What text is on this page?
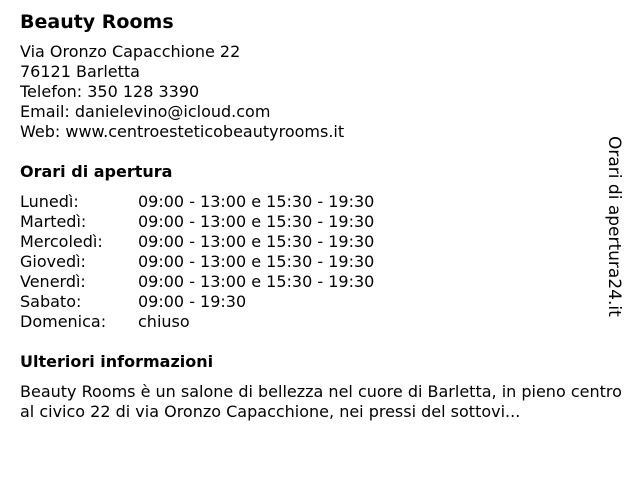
Beauty Rooms
Via Oronzo Capacchione 22
76121 Barletta
Telefon: 350 128 3390
Email: danielevino@icloud.com
Web: www.centroesteticobeautyrooms.it
Orari di apertura
Lunedì:	09:00 - 13:00 e 15:30 - 19:30
Martedì:	09:00 - 13:00 e 15:30 - 19:30
Mercoledì:	09:00 - 13:00 e 15:30 - 19:30
Giovedì:	09:00 - 13:00 e 15:30 - 19:30
Venerdì:	09:00 - 13:00 e 15:30 - 19:30
Sabato:	09:00 - 19:30
Domenica:	chiuso
Ulteriori informazioni
Beauty Rooms è un salone di bellezza nel cuore di Barletta, in pieno centro al civico 22 di via Oronzo Capacchione, nei pressi del sottovi...
Orari di apertura24.it
